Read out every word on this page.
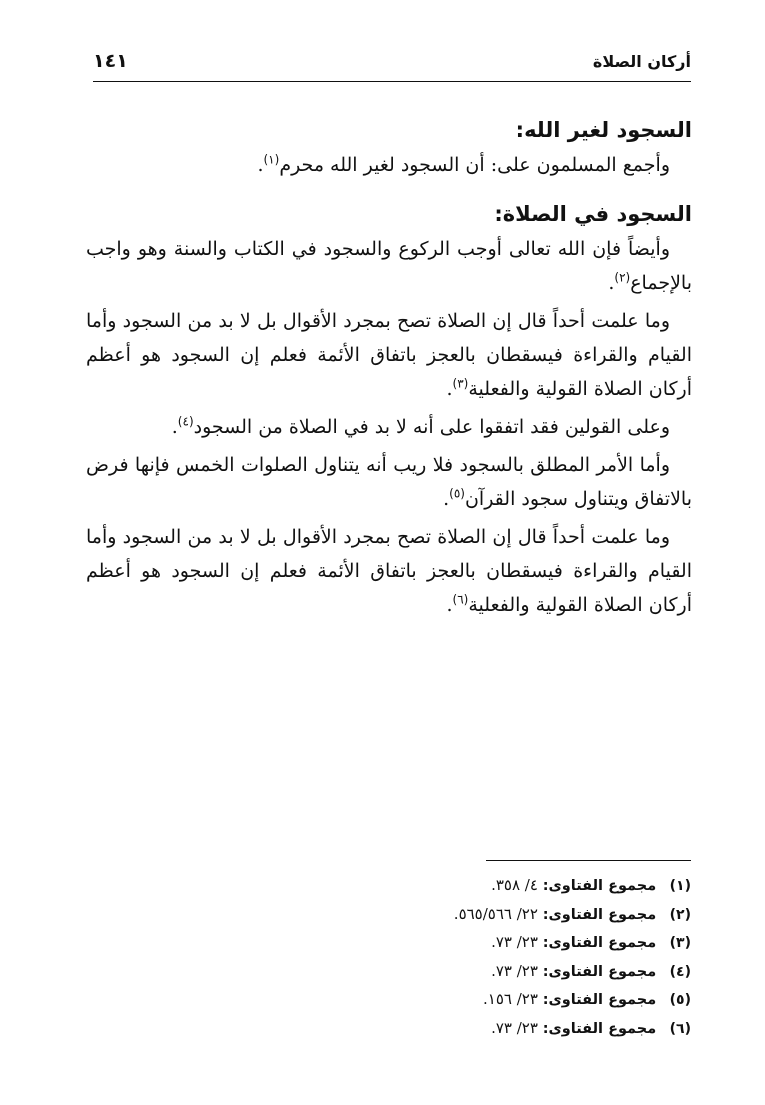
أركان الصلاة
١٤١
السجود لغير الله:

وأجمع المسلمون على: أن السجود لغير الله محرم$^{(١)}$.

السجود في الصلاة:

وأيضاً فإن الله تعالى أوجب الركوع والسجود في الكتاب والسنة وهو واجب بالإجماع$^{(٢)}$.

وما علمت أحداً قال إن الصلاة تصح بمجرد الأقوال بل لا بد من السجود وأما القيام والقراءة فيسقطان بالعجز باتفاق الأئمة فعلم إن السجود هو أعظم أركان الصلاة القولية والفعلية$^{(٣)}$.

وعلى القولين فقد اتفقوا على أنه لا بد في الصلاة من السجود$^{(٤)}$.

وأما الأمر المطلق بالسجود فلا ريب أنه يتناول الصلوات الخمس فإنها فرض بالاتفاق ويتناول سجود القرآن$^{(٥)}$.

وما علمت أحداً قال إن الصلاة تصح بمجرد الأقوال بل لا بد من السجود وأما القيام والقراءة فيسقطان بالعجز باتفاق الأئمة فعلم إن السجود هو أعظم أركان الصلاة القولية والفعلية$^{(٦)}$.

(١) مجموع الفتاوى: ٤/ ٣٥٨.
(٢) مجموع الفتاوى: ٢٢/ ٥٦٥/٥٦٦.
(٣) مجموع الفتاوى: ٢٣/ ٧٣.
(٤) مجموع الفتاوى: ٢٣/ ٧٣.
(٥) مجموع الفتاوى: ٢٣/ ١٥٦.
(٦) مجموع الفتاوى: ٢٣/ ٧٣.
